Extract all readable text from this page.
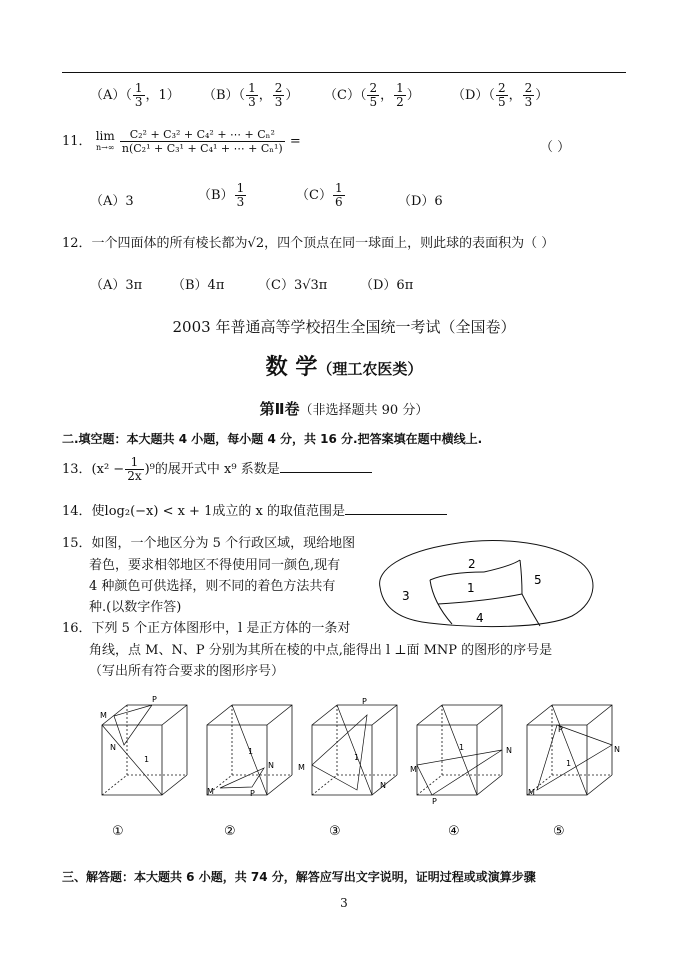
$(A)( \frac{1}{3}$ ，1） $(B)( \frac{1}{3}$ ， $\frac{2}{3}$ ） $(C)( \frac{2}{5}$ ， $\frac{1}{2}$ ） $(D)( \frac{2}{5}$ ， $\frac{2}{3}$ ）
11． lim
n→∞
$\frac{\text{C₂² + C₃² + C₄² + ⋯ + Cₙ²}}{\text{n(C₂¹ + C₃¹ + C₄¹ + ⋯ + Cₙ¹)}}$ =	（ ）
（A）3	$(B) \frac{1}{3}$	$(C) \frac{1}{6}$	（D）6
12．一个四面体的所有棱长都为√2，四个顶点在同一球面上，则此球的表面积为（ ）
（A）3π （B）4π	（C）3√3π	（D）6π
2003 年普通高等学校招生全国统一考试（全国卷）
数 学（理工农医类）
第Ⅱ卷（非选择题共 90 分）
二.填空题：本大题共 4 小题，每小题 4 分，共 16 分.把答案填在题中横线上.
13．$(x^2 - \frac{1}{2x} )^9$的展开式中 x⁹ 系数是
14．使log₂(−x) < x + 1成立的 x 的取值范围是
15．如图，一个地区分为 5 个行政区域，现给地图
着色，要求相邻地区不得使用同一颜色,现有
4 种颜色可供选择，则不同的着色方法共有
种.(以数字作答)
2
1
3
4
5
16．下列 5 个正方体图形中，l 是正方体的一条对
角线，点 M、N、P 分别为其所在棱的中点,能得出 l ⊥面 MNP 的图形的序号是
（写出所有符合要求的图形序号）
M
N
P
1
①
M
N
P
1
②
M
N
P
1
③
M
N
P
1
④
M
N
P
1
⑤
三、解答题：本大题共 6 小题，共 74 分，解答应写出文字说明，证明过程或或演算步骤
3
